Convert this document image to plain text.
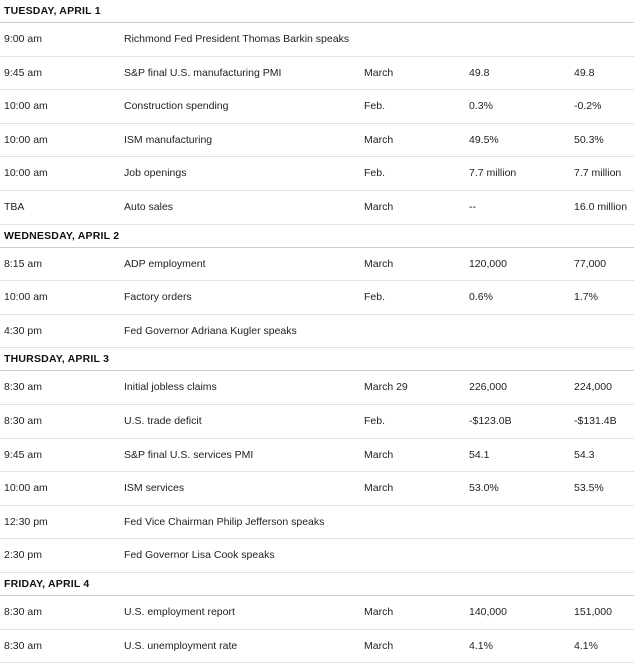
TUESDAY, APRIL 1				
9:00 am	Richmond Fed President Thomas Barkin speaks			
9:45 am	S&P final U.S. manufacturing PMI	March	49.8	49.8
10:00 am	Construction spending	Feb.	0.3%	-0.2%
10:00 am	ISM manufacturing	March	49.5%	50.3%
10:00 am	Job openings	Feb.	7.7 million	7.7 million
TBA	Auto sales	March	--	16.0 million
WEDNESDAY, APRIL 2				
8:15 am	ADP employment	March	120,000	77,000
10:00 am	Factory orders	Feb.	0.6%	1.7%
4:30 pm	Fed Governor Adriana Kugler speaks			
THURSDAY, APRIL 3				
8:30 am	Initial jobless claims	March 29	226,000	224,000
8:30 am	U.S. trade deficit	Feb.	-$123.0B	-$131.4B
9:45 am	S&P final U.S. services PMI	March	54.1	54.3
10:00 am	ISM services	March	53.0%	53.5%
12:30 pm	Fed Vice Chairman Philip Jefferson speaks			
2:30 pm	Fed Governor Lisa Cook speaks			
FRIDAY, APRIL 4				
8:30 am	U.S. employment report	March	140,000	151,000
8:30 am	U.S. unemployment rate	March	4.1%	4.1%
